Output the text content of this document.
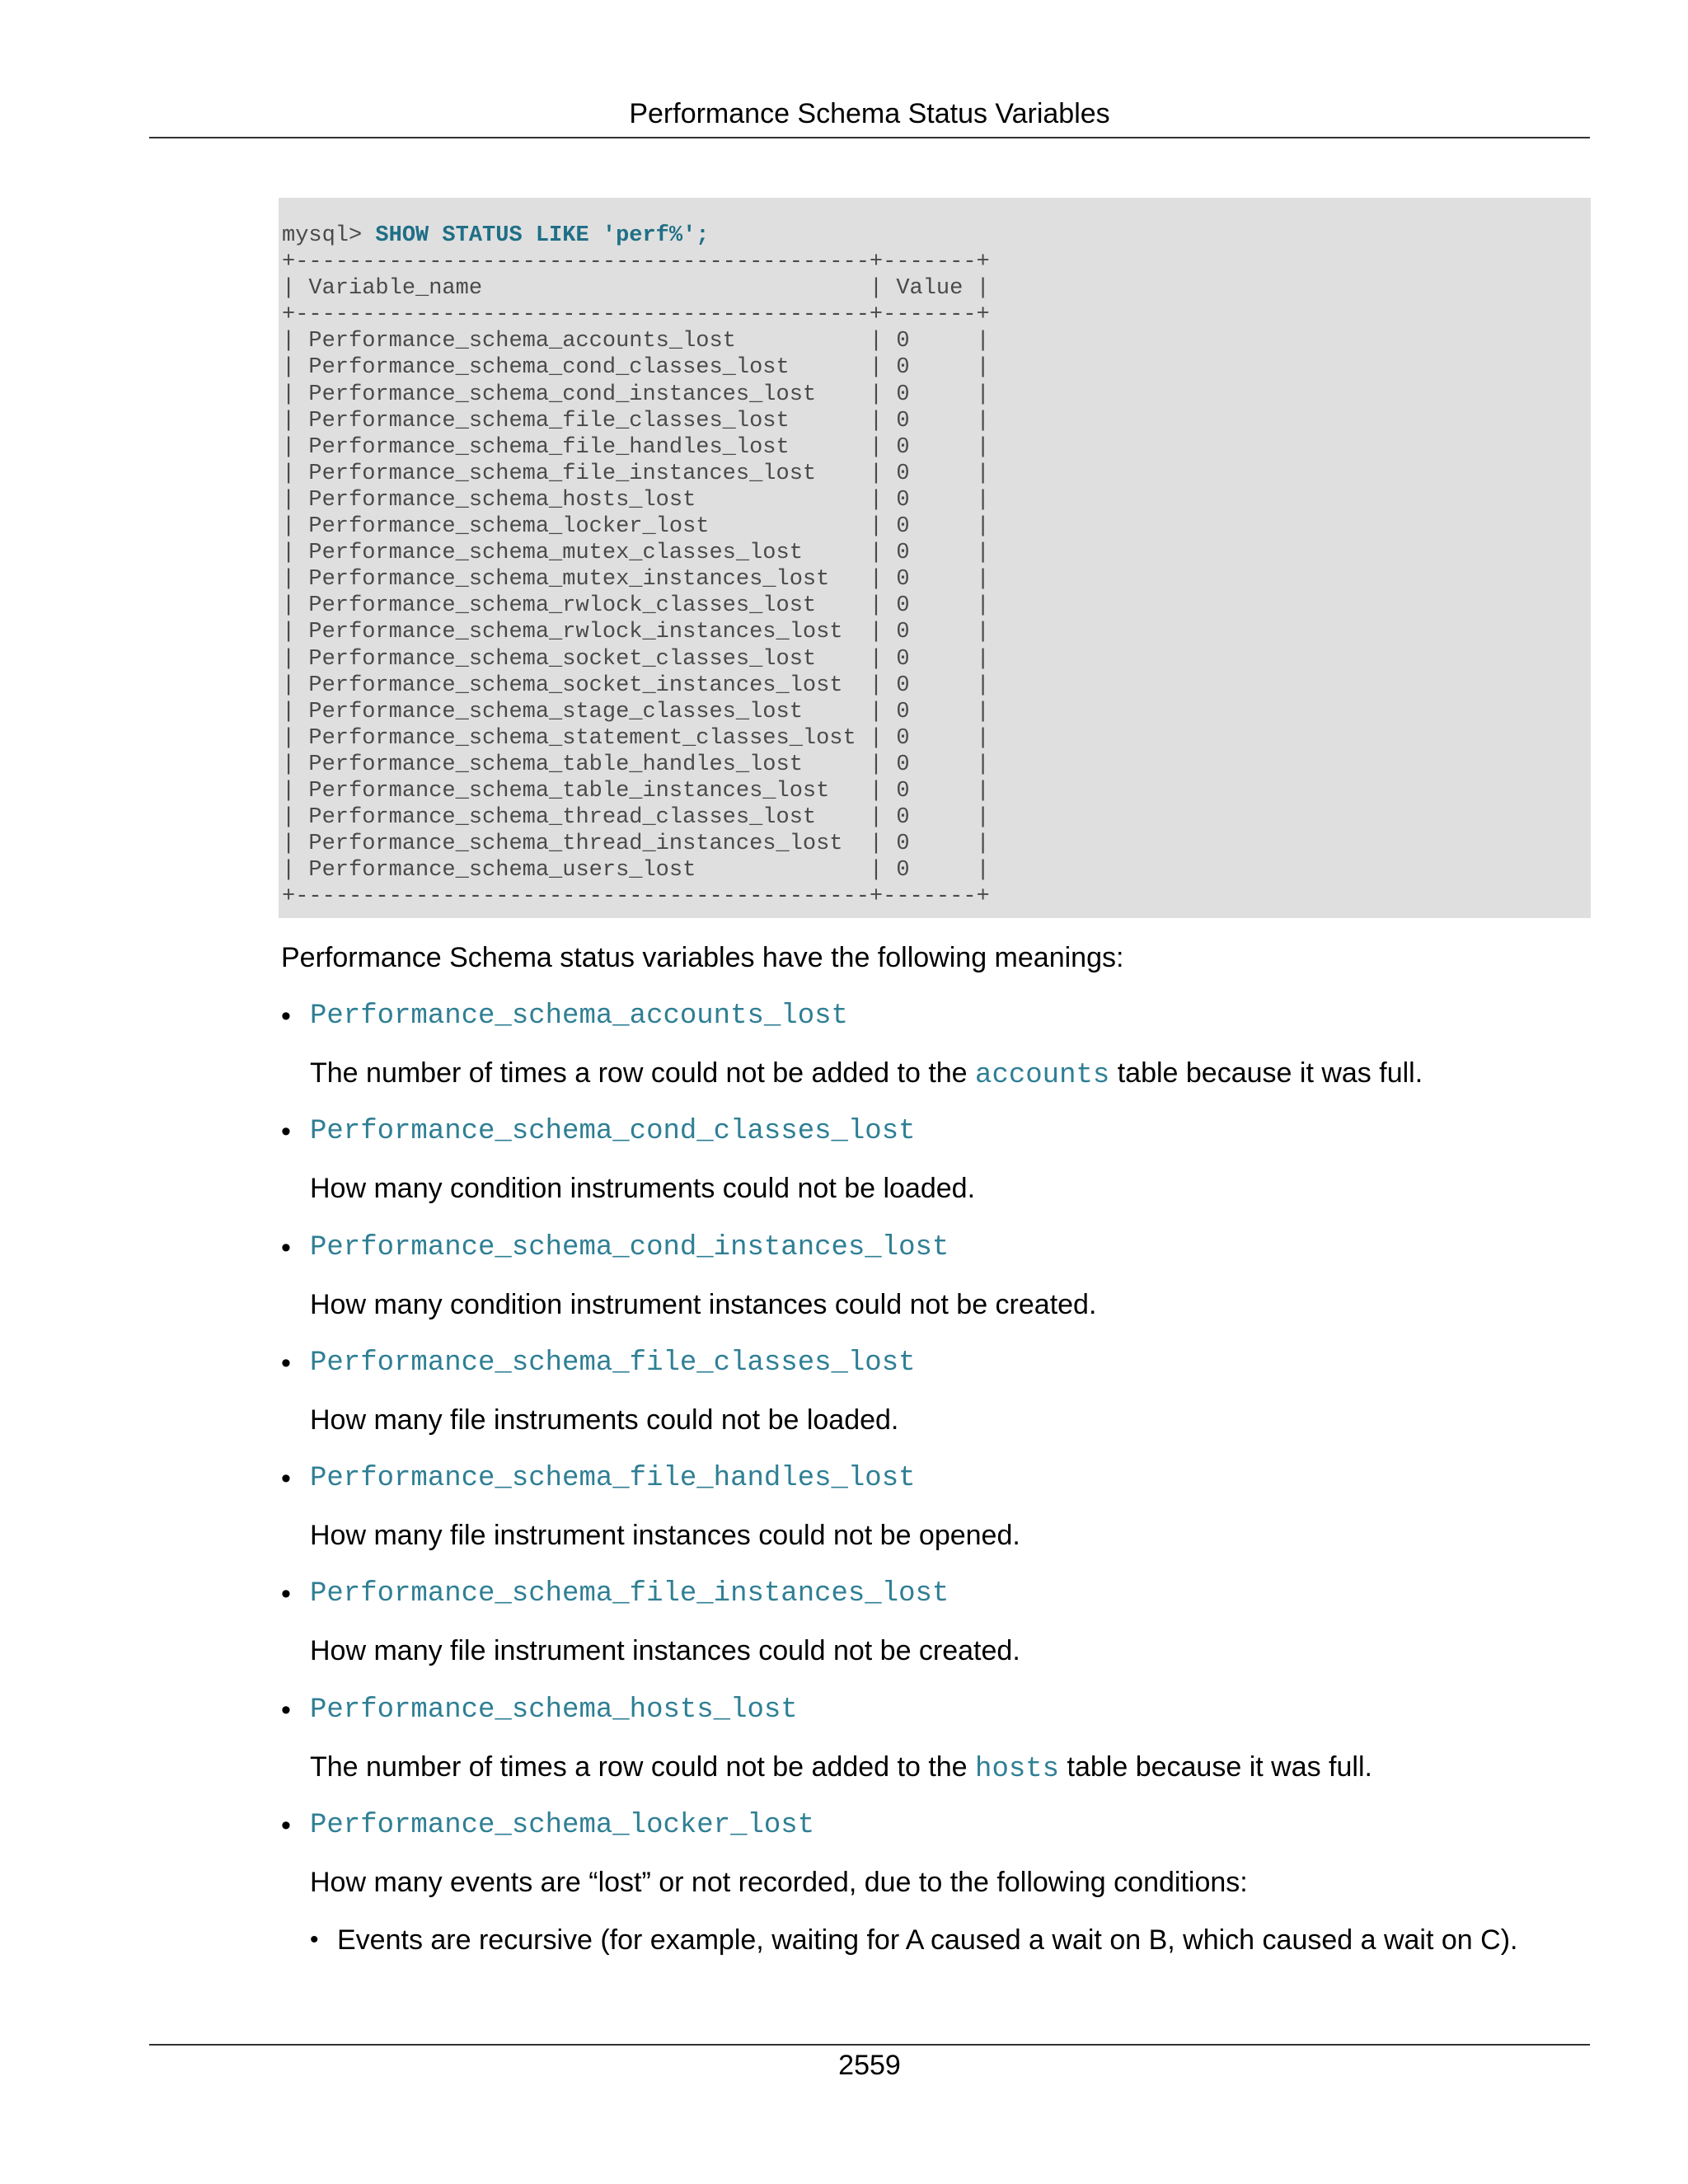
Performance Schema Status Variables
mysql> SHOW STATUS LIKE 'perf%';
+-------------------------------------------+-------+
| Variable_name                             | Value |
+-------------------------------------------+-------+
| Performance_schema_accounts_lost          | 0     |
| Performance_schema_cond_classes_lost      | 0     |
| Performance_schema_cond_instances_lost    | 0     |
| Performance_schema_file_classes_lost      | 0     |
| Performance_schema_file_handles_lost      | 0     |
| Performance_schema_file_instances_lost    | 0     |
| Performance_schema_hosts_lost             | 0     |
| Performance_schema_locker_lost            | 0     |
| Performance_schema_mutex_classes_lost     | 0     |
| Performance_schema_mutex_instances_lost   | 0     |
| Performance_schema_rwlock_classes_lost    | 0     |
| Performance_schema_rwlock_instances_lost  | 0     |
| Performance_schema_socket_classes_lost    | 0     |
| Performance_schema_socket_instances_lost  | 0     |
| Performance_schema_stage_classes_lost     | 0     |
| Performance_schema_statement_classes_lost | 0     |
| Performance_schema_table_handles_lost     | 0     |
| Performance_schema_table_instances_lost   | 0     |
| Performance_schema_thread_classes_lost    | 0     |
| Performance_schema_thread_instances_lost  | 0     |
| Performance_schema_users_lost             | 0     |
+-------------------------------------------+-------+
Performance Schema status variables have the following meanings:
• Performance_schema_accounts_lost
The number of times a row could not be added to the accounts table because it was full.
• Performance_schema_cond_classes_lost
How many condition instruments could not be loaded.
• Performance_schema_cond_instances_lost
How many condition instrument instances could not be created.
• Performance_schema_file_classes_lost
How many file instruments could not be loaded.
• Performance_schema_file_handles_lost
How many file instrument instances could not be opened.
• Performance_schema_file_instances_lost
How many file instrument instances could not be created.
• Performance_schema_hosts_lost
The number of times a row could not be added to the hosts table because it was full.
• Performance_schema_locker_lost
How many events are “lost” or not recorded, due to the following conditions:
• Events are recursive (for example, waiting for A caused a wait on B, which caused a wait on C).
2559
